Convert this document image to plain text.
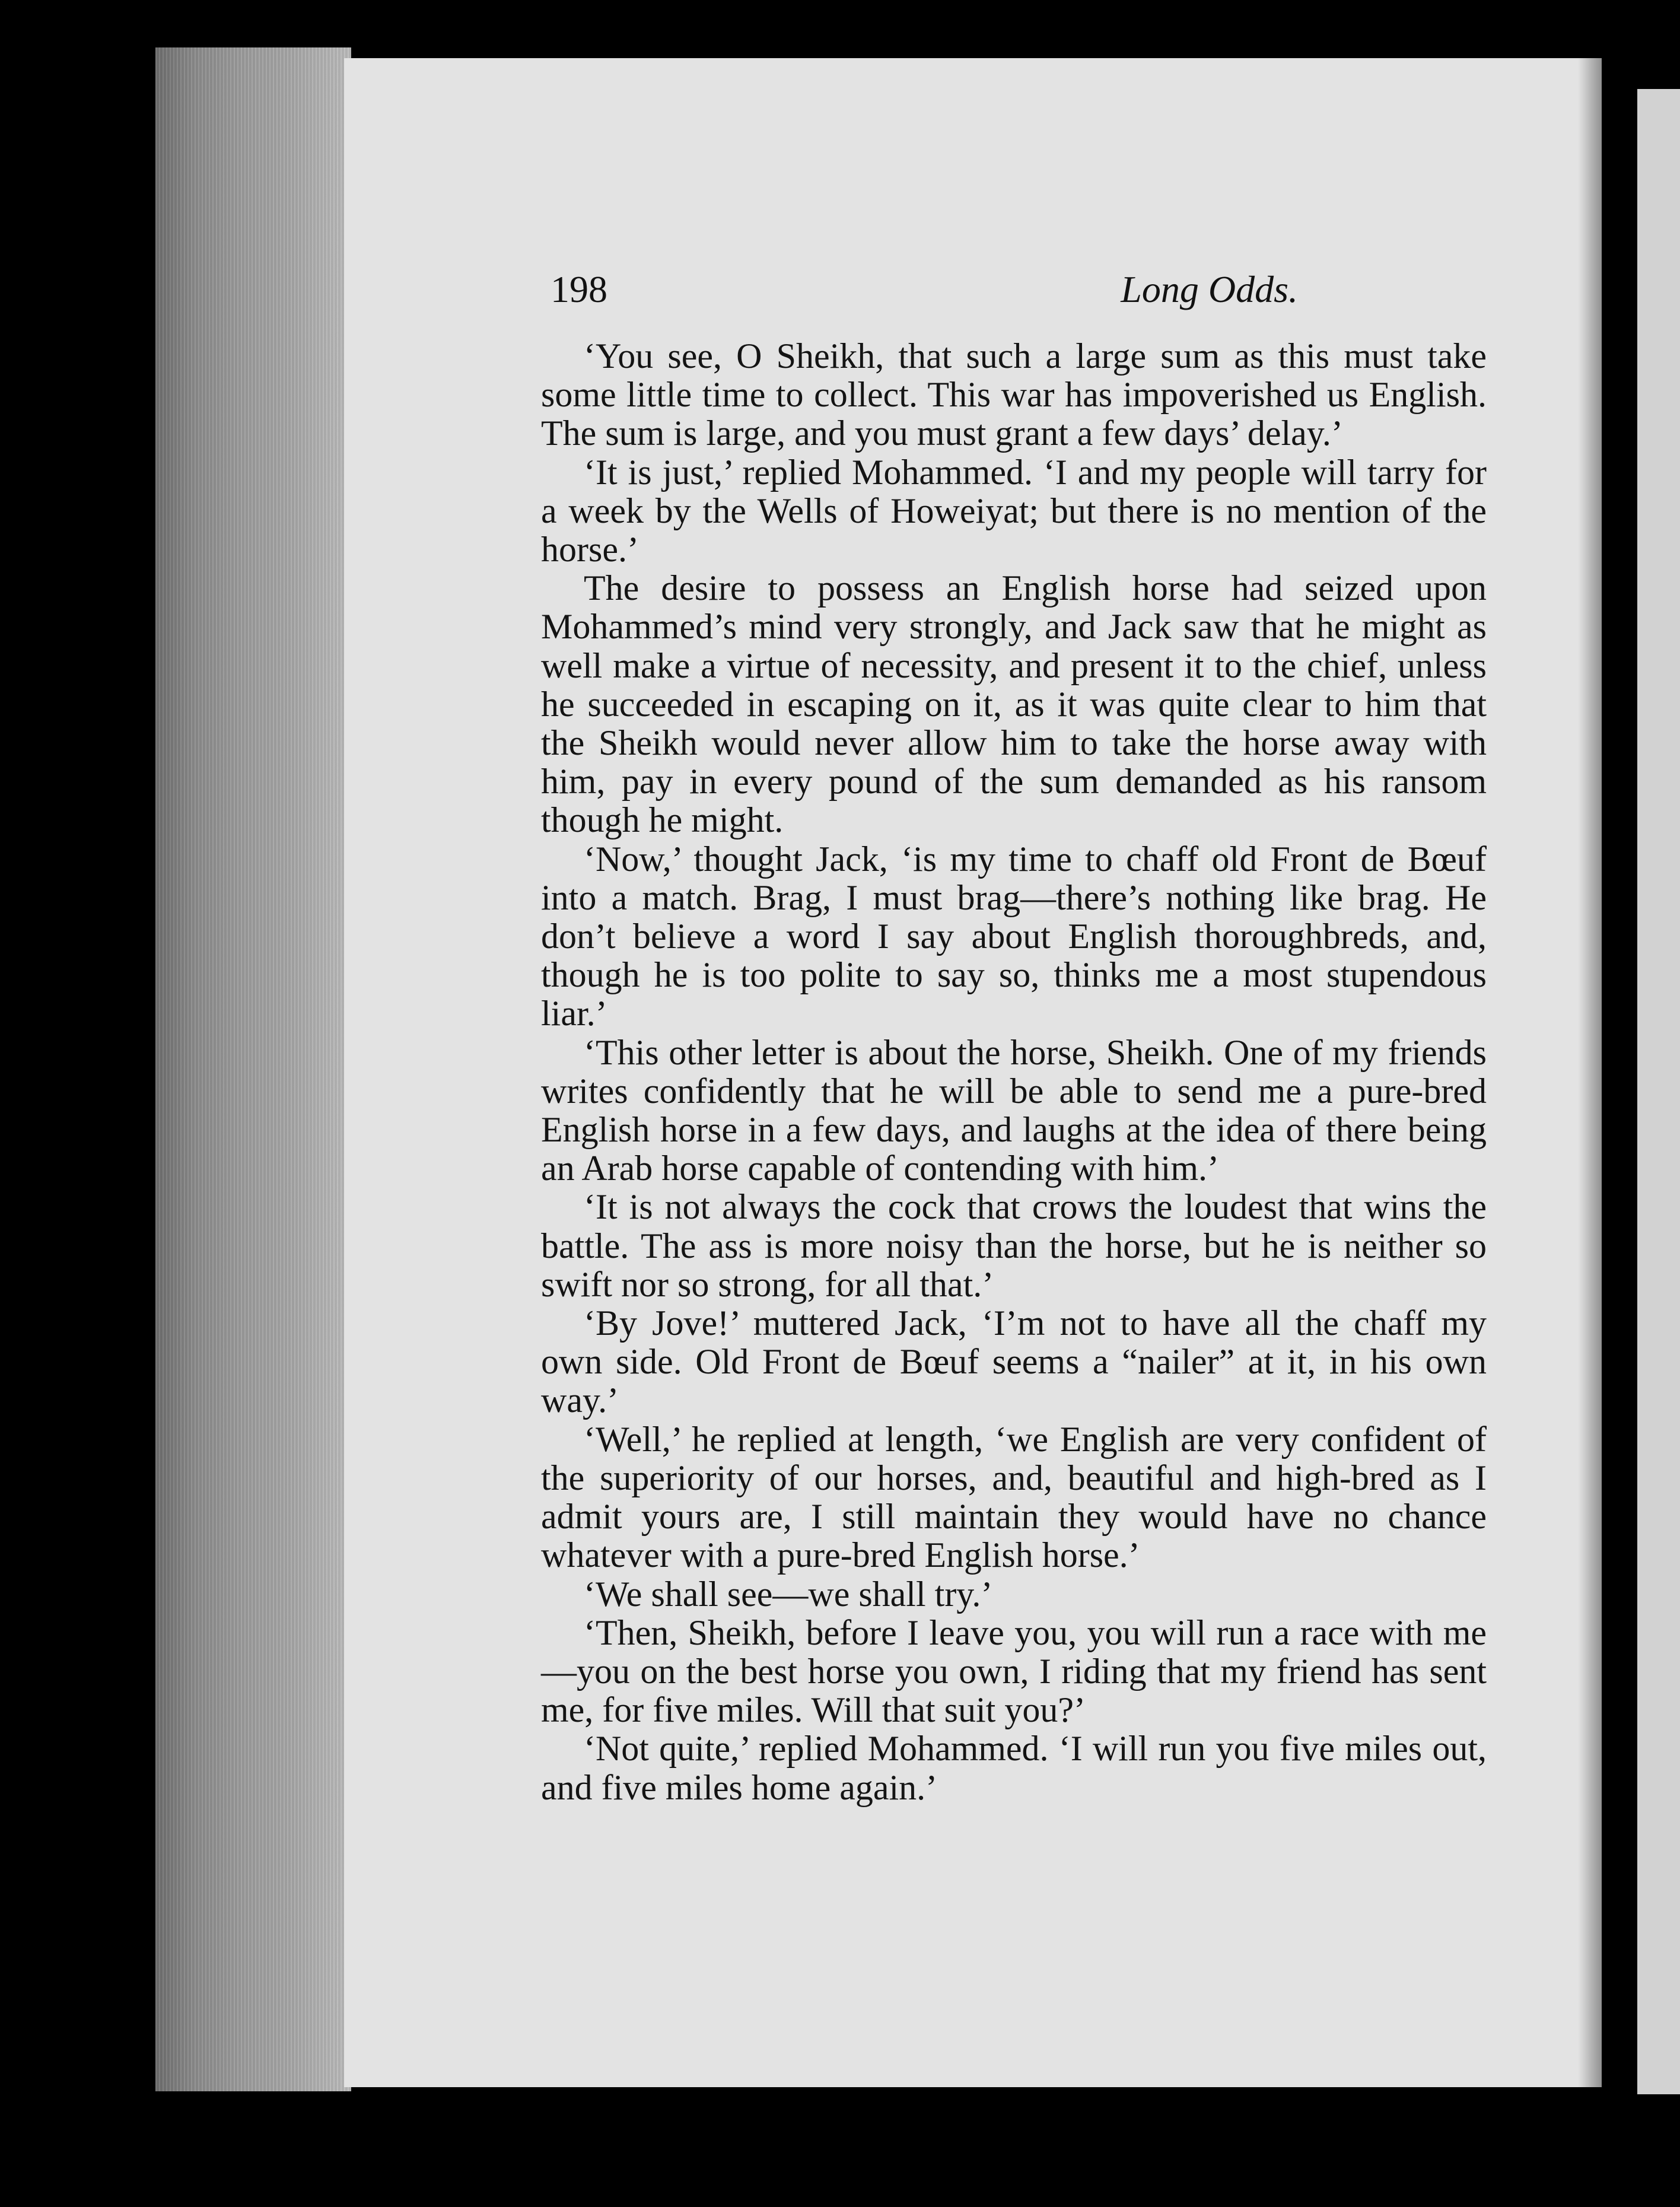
198	Long Odds.

‘You see, O Sheikh, that such a large sum as this must take some little time to collect. This war has impoverished us English. The sum is large, and you must grant a few days’ delay.’

‘It is just,’ replied Mohammed. ‘I and my people will tarry for a week by the Wells of Howeiyat; but there is no mention of the horse.’

The desire to possess an English horse had seized upon Mohammed’s mind very strongly, and Jack saw that he might as well make a virtue of necessity, and present it to the chief, unless he succeeded in escaping on it, as it was quite clear to him that the Sheikh would never allow him to take the horse away with him, pay in every pound of the sum demanded as his ransom though he might.

‘Now,’ thought Jack, ‘is my time to chaff old Front de Bœuf into a match. Brag, I must brag—there’s nothing like brag. He don’t believe a word I say about English thoroughbreds, and, though he is too polite to say so, thinks me a most stupendous liar.’

‘This other letter is about the horse, Sheikh. One of my friends writes confidently that he will be able to send me a pure-bred English horse in a few days, and laughs at the idea of there being an Arab horse capable of contending with him.’

‘It is not always the cock that crows the loudest that wins the battle. The ass is more noisy than the horse, but he is neither so swift nor so strong, for all that.’

‘By Jove!’ muttered Jack, ‘I’m not to have all the chaff my own side. Old Front de Bœuf seems a “nailer” at it, in his own way.’

‘Well,’ he replied at length, ‘we English are very confident of the superiority of our horses, and, beautiful and high-bred as I admit yours are, I still maintain they would have no chance whatever with a pure-bred English horse.’

‘We shall see—we shall try.’

‘Then, Sheikh, before I leave you, you will run a race with me—you on the best horse you own, I riding that my friend has sent me, for five miles. Will that suit you?’

‘Not quite,’ replied Mohammed. ‘I will run you five miles out, and five miles home again.’
